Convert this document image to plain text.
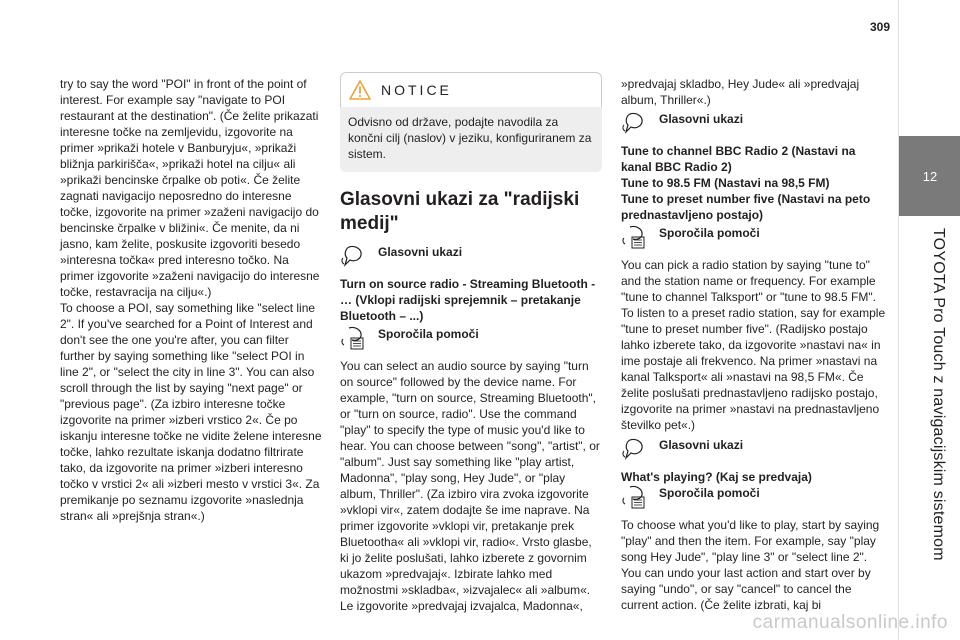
309
12
TOYOTA Pro Touch z navigacijskim sistemom

try to say the word "POI" in front of the point of interest. For example say "navigate to POI restaurant at the destination". (Če želite prikazati interesne točke na zemljevidu, izgovorite na primer »prikaži hotele v Banburyju«, »prikaži bližnja parkirišča«, »prikaži hotel na cilju« ali »prikaži bencinske črpalke ob poti«. Če želite zagnati navigacijo neposredno do interesne točke, izgovorite na primer »zaženi navigacijo do bencinske črpalke v bližini«. Če menite, da ni jasno, kam želite, poskusite izgovoriti besedo »interesna točka« pred interesno točko. Na primer izgovorite »zaženi navigacijo do interesne točke, restavracija na cilju«.)

To choose a POI, say something like "select line 2". If you've searched for a Point of Interest and don't see the one you're after, you can filter further by saying something like "select POI in line 2", or "select the city in line 3". You can also scroll through the list by saying "next page" or "previous page". (Za izbiro interesne točke izgovorite na primer »izberi vrstico 2«. Če po iskanju interesne točke ne vidite želene interesne točke, lahko rezultate iskanja dodatno filtrirate tako, da izgovorite na primer »izberi interesno točko v vrstici 2« ali »izberi mesto v vrstici 3«. Za premikanje po seznamu izgovorite »naslednja stran« ali »prejšnja stran«.)

NOTICE
Odvisno od države, podajte navodila za končni cilj (naslov) v jeziku, konfiguriranem za sistem.
Glasovni ukazi za "radijski medij"
Glasovni ukazi

Turn on source radio - Streaming Bluetooth - … (Vklopi radijski sprejemnik – pretakanje Bluetooth – ...)

Sporočila pomoči

You can select an audio source by saying "turn on source" followed by the device name. For example, "turn on source, Streaming Bluetooth", or "turn on source, radio". Use the command "play" to specify the type of music you'd like to hear. You can choose between "song", "artist", or "album". Just say something like "play artist, Madonna", "play song, Hey Jude", or "play album, Thriller". (Za izbiro vira zvoka izgovorite »vklopi vir«, zatem dodajte še ime naprave. Na primer izgovorite »vklopi vir, pretakanje prek Bluetootha« ali »vklopi vir, radio«. Vrsto glasbe, ki jo želite poslušati, lahko izberete z govornim ukazom »predvajaj«. Izbirate lahko med možnostmi »skladba«, »izvajalec« ali »album«. Le izgovorite »predvajaj izvajalca, Madonna«,

»predvajaj skladbo, Hey Jude« ali »predvajaj album, Thriller«.)

Glasovni ukazi

Tune to channel BBC Radio 2 (Nastavi na kanal BBC Radio 2)
Tune to 98.5 FM (Nastavi na 98,5 FM)
Tune to preset number five (Nastavi na peto prednastavljeno postajo)

Sporočila pomoči

You can pick a radio station by saying "tune to" and the station name or frequency. For example "tune to channel Talksport" or "tune to 98.5 FM". To listen to a preset radio station, say for example "tune to preset number five". (Radijsko postajo lahko izberete tako, da izgovorite »nastavi na« in ime postaje ali frekvenco. Na primer »nastavi na kanal Talksport« ali »nastavi na 98,5 FM«. Če želite poslušati prednastavljeno radijsko postajo, izgovorite na primer »nastavi na prednastavljeno številko pet«.)

Glasovni ukazi

What's playing? (Kaj se predvaja)

Sporočila pomoči

To choose what you'd like to play, start by saying "play" and then the item. For example, say "play song Hey Jude", "play line 3" or "select line 2". You can undo your last action and start over by saying "undo", or say "cancel" to cancel the current action. (Če želite izbrati, kaj bi

carmanualsonline.info
